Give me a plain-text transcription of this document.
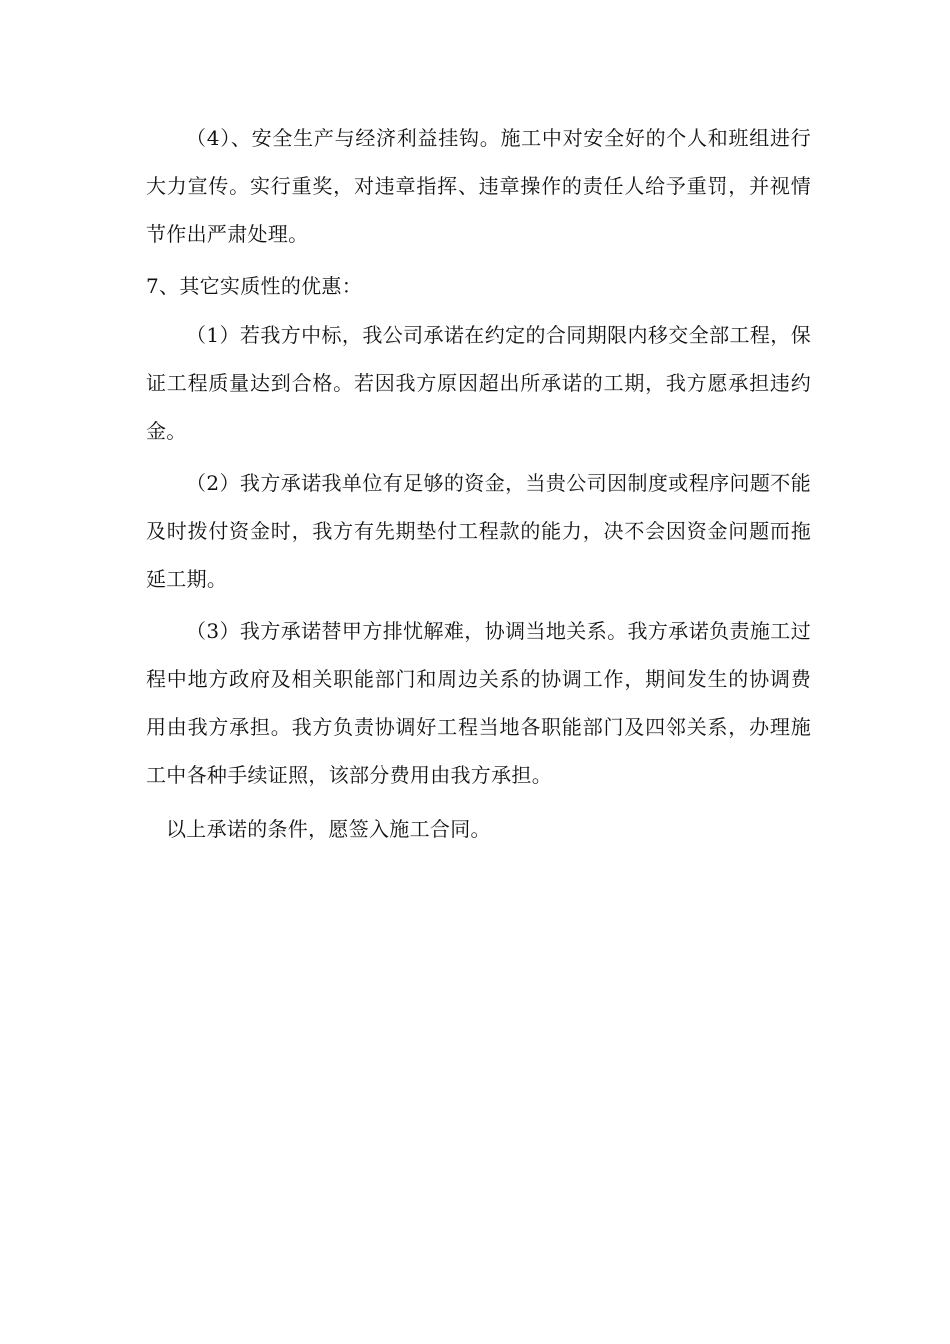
（4）、安全生产与经济利益挂钩。施工中对安全好的个人和班组进行大力宣传。实行重奖，对违章指挥、违章操作的责任人给予重罚，并视情节作出严肃处理。

7、其它实质性的优惠：

（1）若我方中标，我公司承诺在约定的合同期限内移交全部工程，保证工程质量达到合格。若因我方原因超出所承诺的工期，我方愿承担违约金。

（2）我方承诺我单位有足够的资金，当贵公司因制度或程序问题不能及时拨付资金时，我方有先期垫付工程款的能力，决不会因资金问题而拖延工期。

（3）我方承诺替甲方排忧解难，协调当地关系。我方承诺负责施工过程中地方政府及相关职能部门和周边关系的协调工作，期间发生的协调费用由我方承担。我方负责协调好工程当地各职能部门及四邻关系，办理施工中各种手续证照，该部分费用由我方承担。

以上承诺的条件，愿签入施工合同。
